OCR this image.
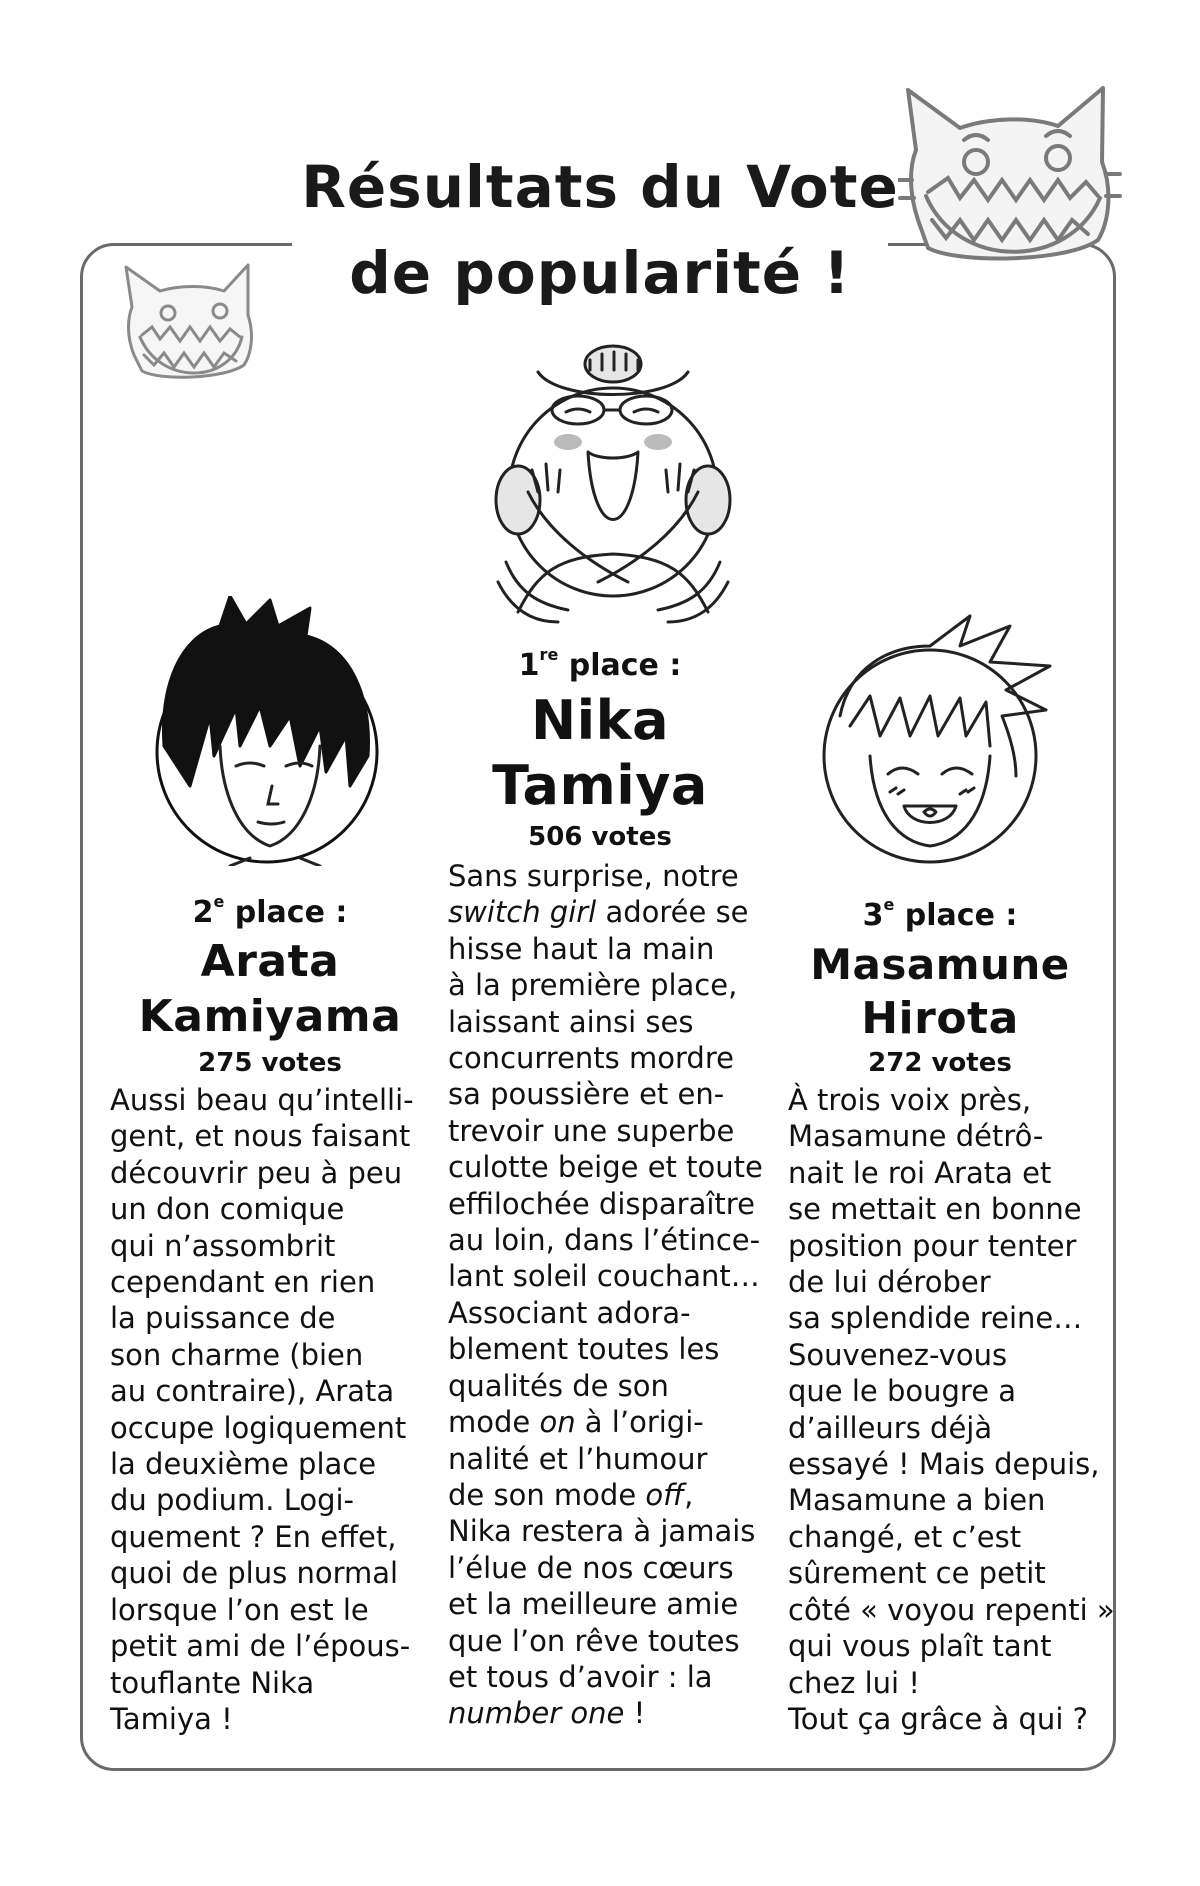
Résultats du Vote
de popularité !
1re place :
Nika
Tamiya
506 votes
Sans surprise, notre
switch girl adorée se
hisse haut la main
à la première place,
laissant ainsi ses
concurrents mordre
sa poussière et en-
trevoir une superbe
culotte beige et toute
effilochée disparaître
au loin, dans l’étince-
lant soleil couchant…
Associant adora-
blement toutes les
qualités de son
mode on à l’origi-
nalité et l’humour
de son mode off,
Nika restera à jamais
l’élue de nos cœurs
et la meilleure amie
que l’on rêve toutes
et tous d’avoir : la
number one !
2e place :
Arata
Kamiyama
275 votes
Aussi beau qu’intelli-
gent, et nous faisant
découvrir peu à peu
un don comique
qui n’assombrit
cependant en rien
la puissance de
son charme (bien
au contraire), Arata
occupe logiquement
la deuxième place
du podium. Logi-
quement ? En effet,
quoi de plus normal
lorsque l’on est le
petit ami de l’épous-
touflante Nika
Tamiya !
3e place :
Masamune
Hirota
272 votes
À trois voix près,
Masamune détrô-
nait le roi Arata et
se mettait en bonne
position pour tenter
de lui dérober
sa splendide reine…
Souvenez-vous
que le bougre a
d’ailleurs déjà
essayé ! Mais depuis,
Masamune a bien
changé, et c’est
sûrement ce petit
côté « voyou repenti »
qui vous plaît tant
chez lui !
Tout ça grâce à qui ?
